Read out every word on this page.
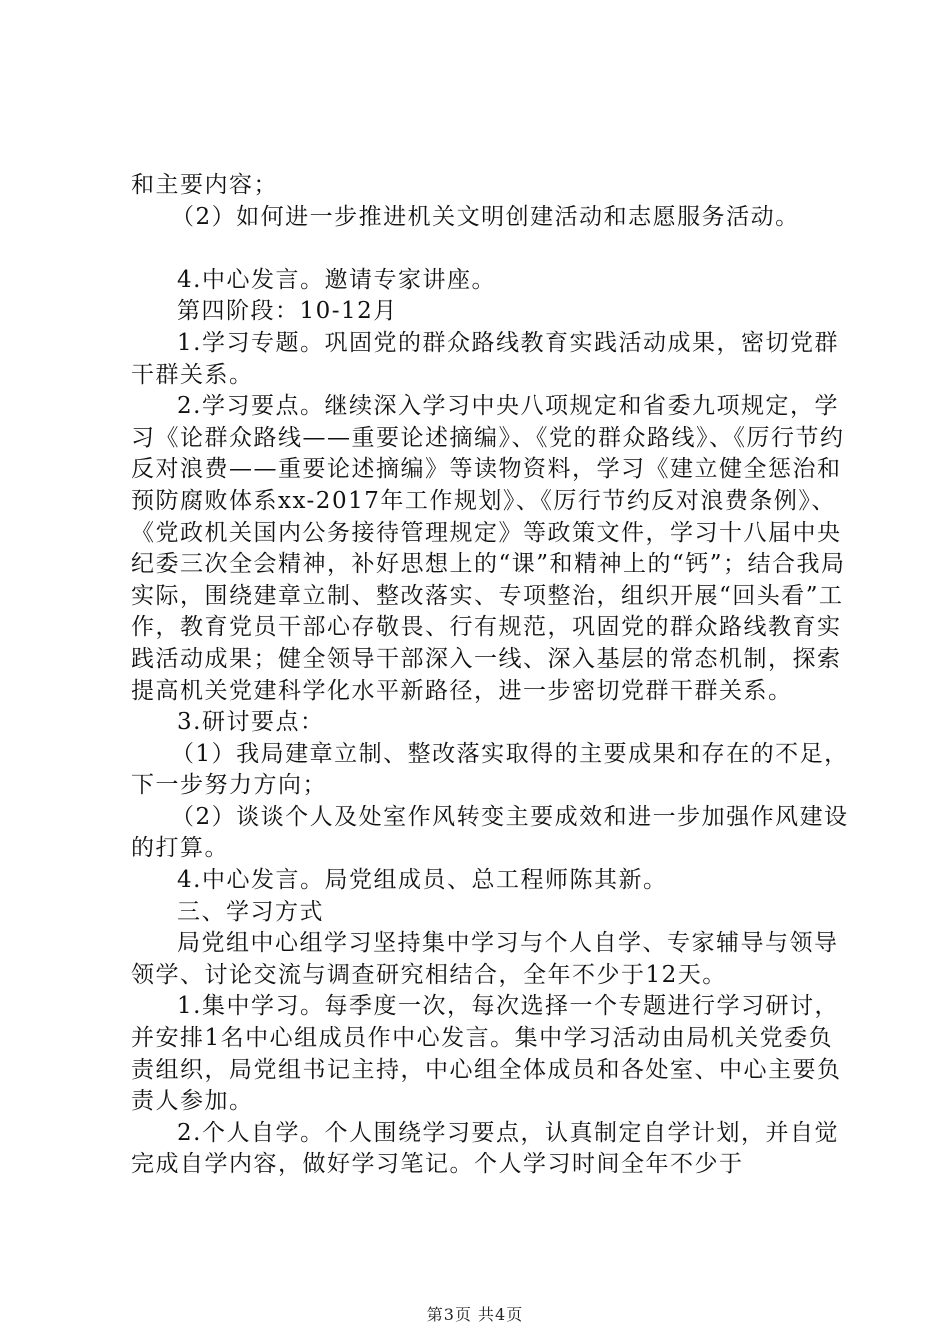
和主要内容；

（2）如何进一步推进机关文明创建活动和志愿服务活动。

4.中心发言。邀请专家讲座。

第四阶段：10-12月

1.学习专题。巩固党的群众路线教育实践活动成果，密切党群干群关系。

2.学习要点。继续深入学习中央八项规定和省委九项规定，学习《论群众路线——重要论述摘编》、《党的群众路线》、《厉行节约反对浪费——重要论述摘编》等读物资料，学习《建立健全惩治和预防腐败体系xx-2017年工作规划》、《厉行节约反对浪费条例》、《党政机关国内公务接待管理规定》等政策文件，学习十八届中央纪委三次全会精神，补好思想上的“课”和精神上的“钙”；结合我局实际，围绕建章立制、整改落实、专项整治，组织开展“回头看”工作，教育党员干部心存敬畏、行有规范，巩固党的群众路线教育实践活动成果；健全领导干部深入一线、深入基层的常态机制，探索提高机关党建科学化水平新路径，进一步密切党群干群关系。

3.研讨要点：

（1）我局建章立制、整改落实取得的主要成果和存在的不足，下一步努力方向；

（2）谈谈个人及处室作风转变主要成效和进一步加强作风建设的打算。

4.中心发言。局党组成员、总工程师陈其新。

三、学习方式

局党组中心组学习坚持集中学习与个人自学、专家辅导与领导领学、讨论交流与调查研究相结合，全年不少于12天。

1.集中学习。每季度一次，每次选择一个专题进行学习研讨，并安排1名中心组成员作中心发言。集中学习活动由局机关党委负责组织，局党组书记主持，中心组全体成员和各处室、中心主要负责人参加。

2.个人自学。个人围绕学习要点，认真制定自学计划，并自觉完成自学内容，做好学习笔记。个人学习时间全年不少于

第3页 共4页
